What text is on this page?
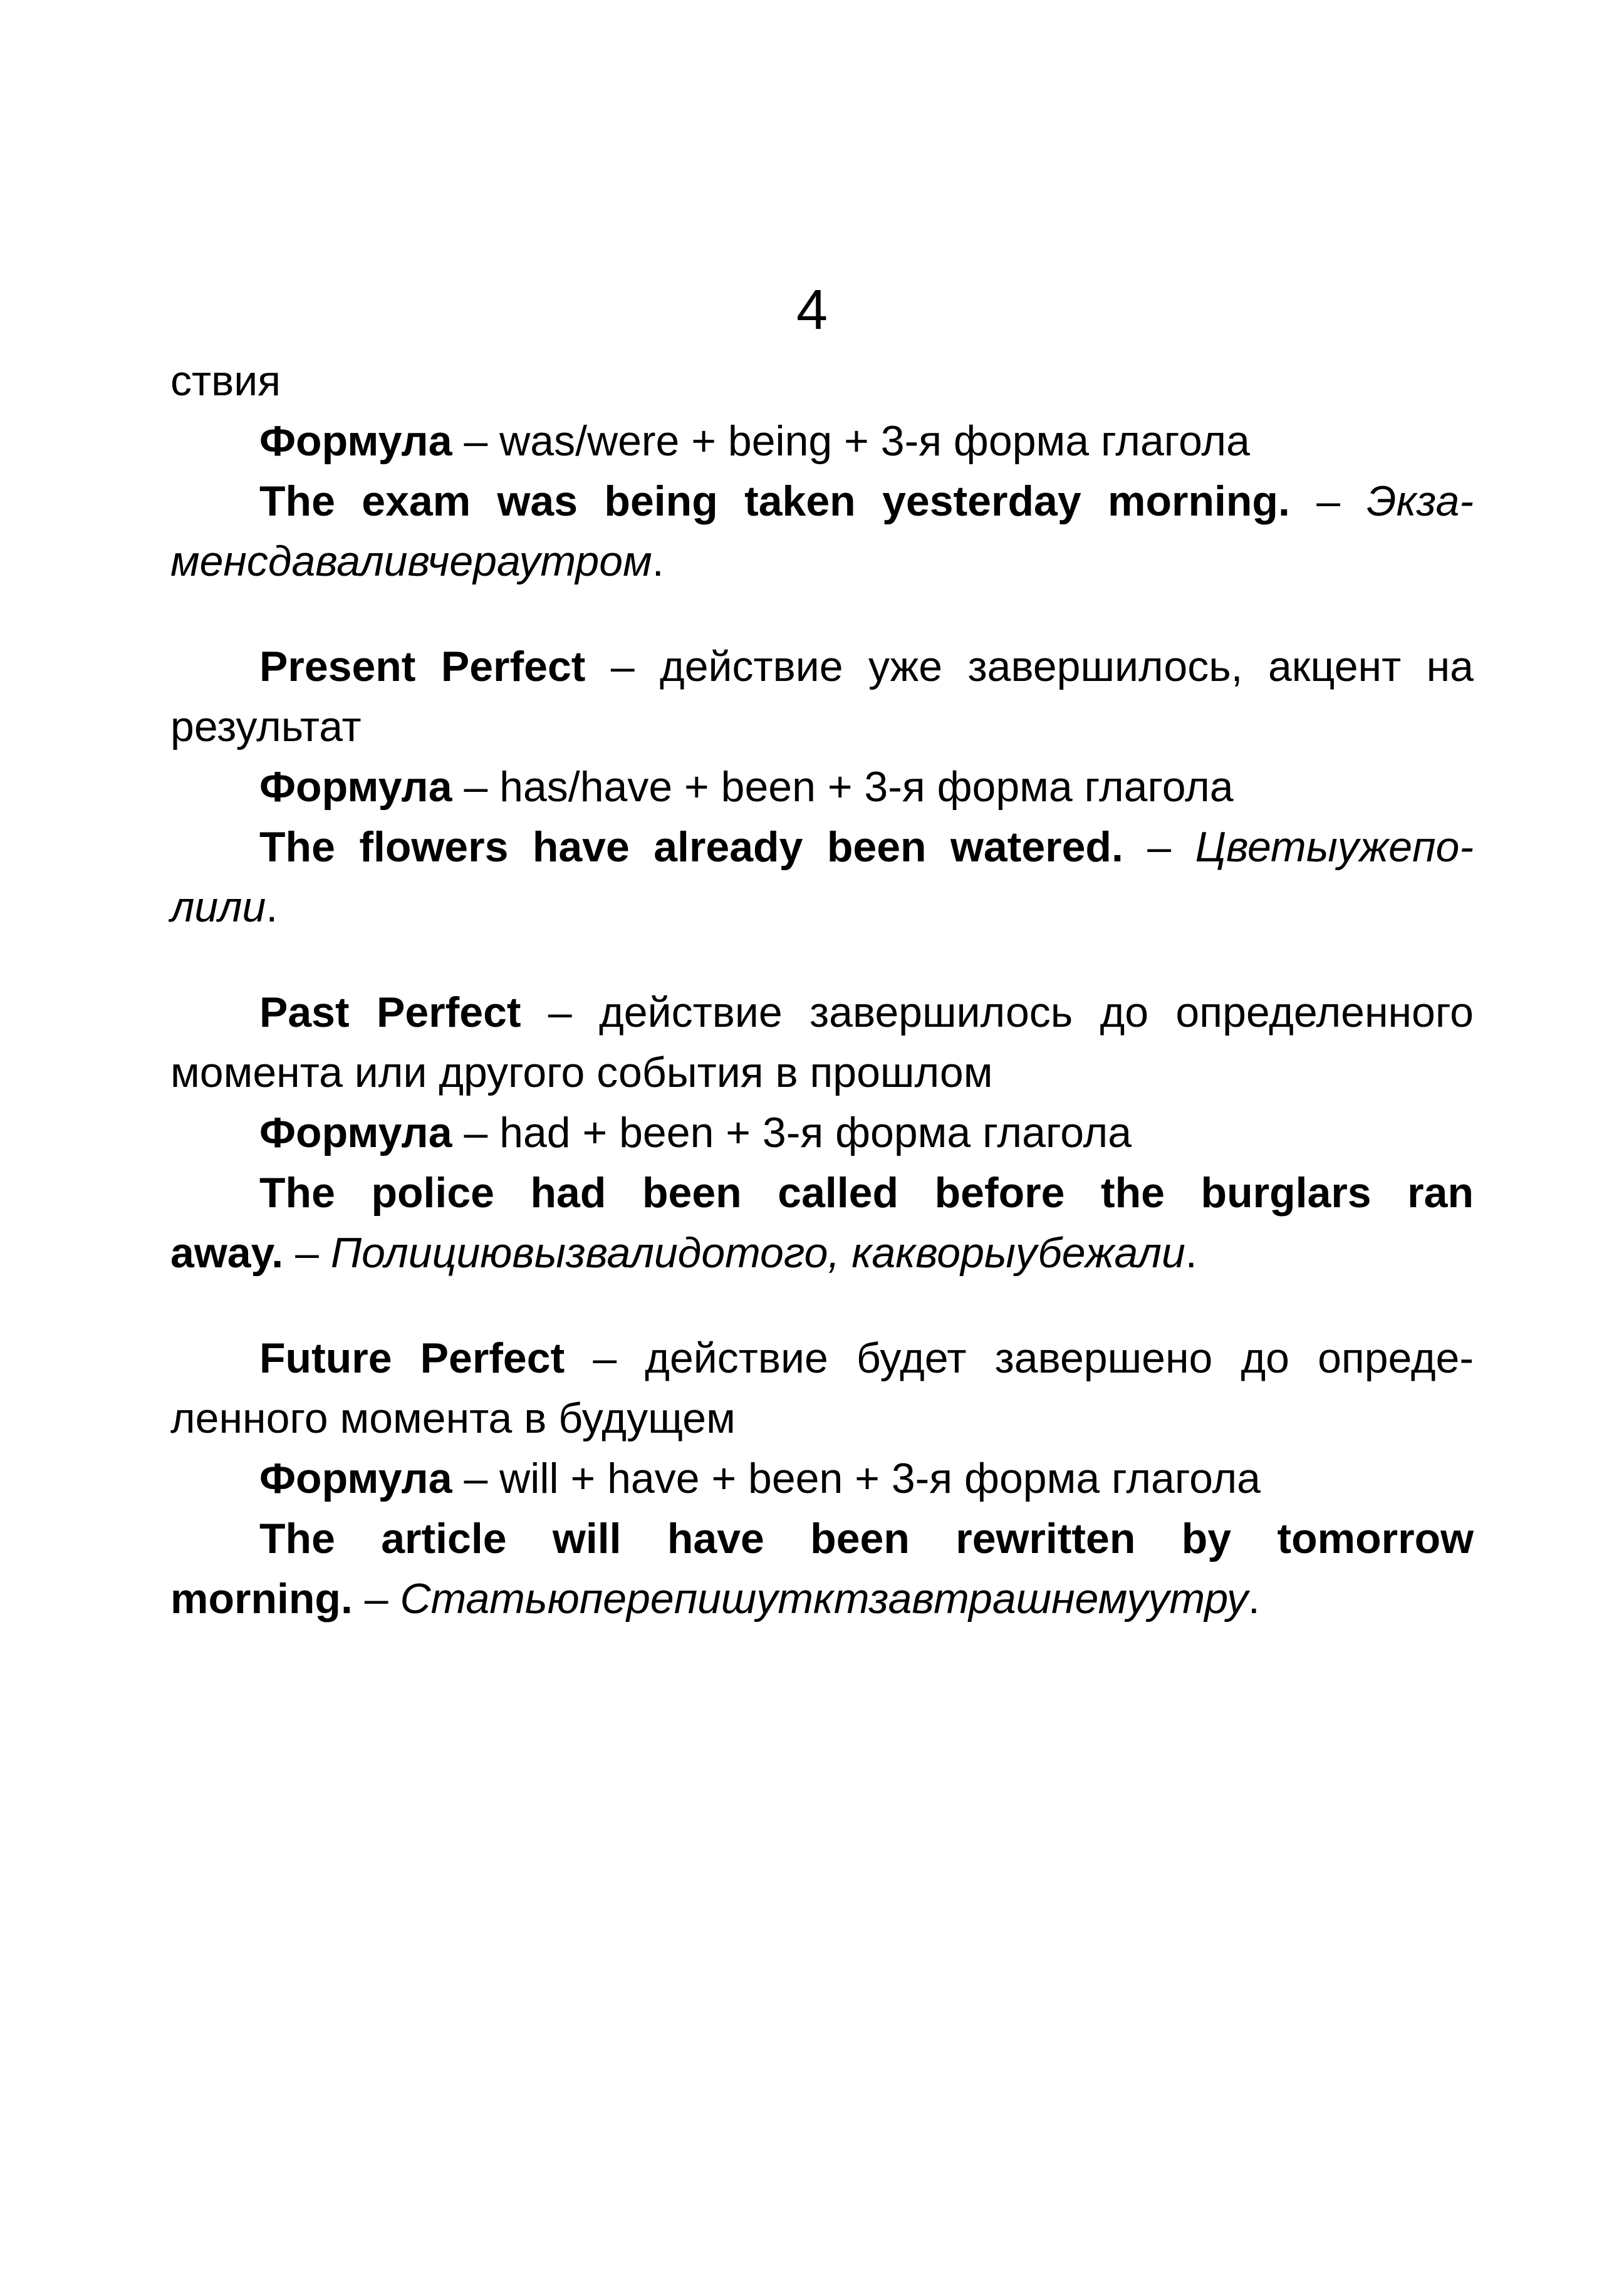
4

ствия

Формула – was/were + being + 3-я форма глагола

The exam was being taken yesterday morning. – Экза-

менсдаваливчераутром.

Present Perfect – действие уже завершилось, акцент на

результат

Формула – has/have + been + 3-я форма глагола

The flowers have already been watered. – Цветыужепо-

лили.

Past Perfect – действие завершилось до определенного

момента или другого события в прошлом

Формула – had + been + 3-я форма глагола

The police had been called before the burglars ran

away. – Полициювызвалидотого, какворыубежали.

Future Perfect – действие будет завершено до опреде-

ленного момента в будущем

Формула – will + have + been + 3-я форма глагола

The article will have been rewritten by tomorrow

morning. – Статьюперепишутктзавтрашнемуутру.
